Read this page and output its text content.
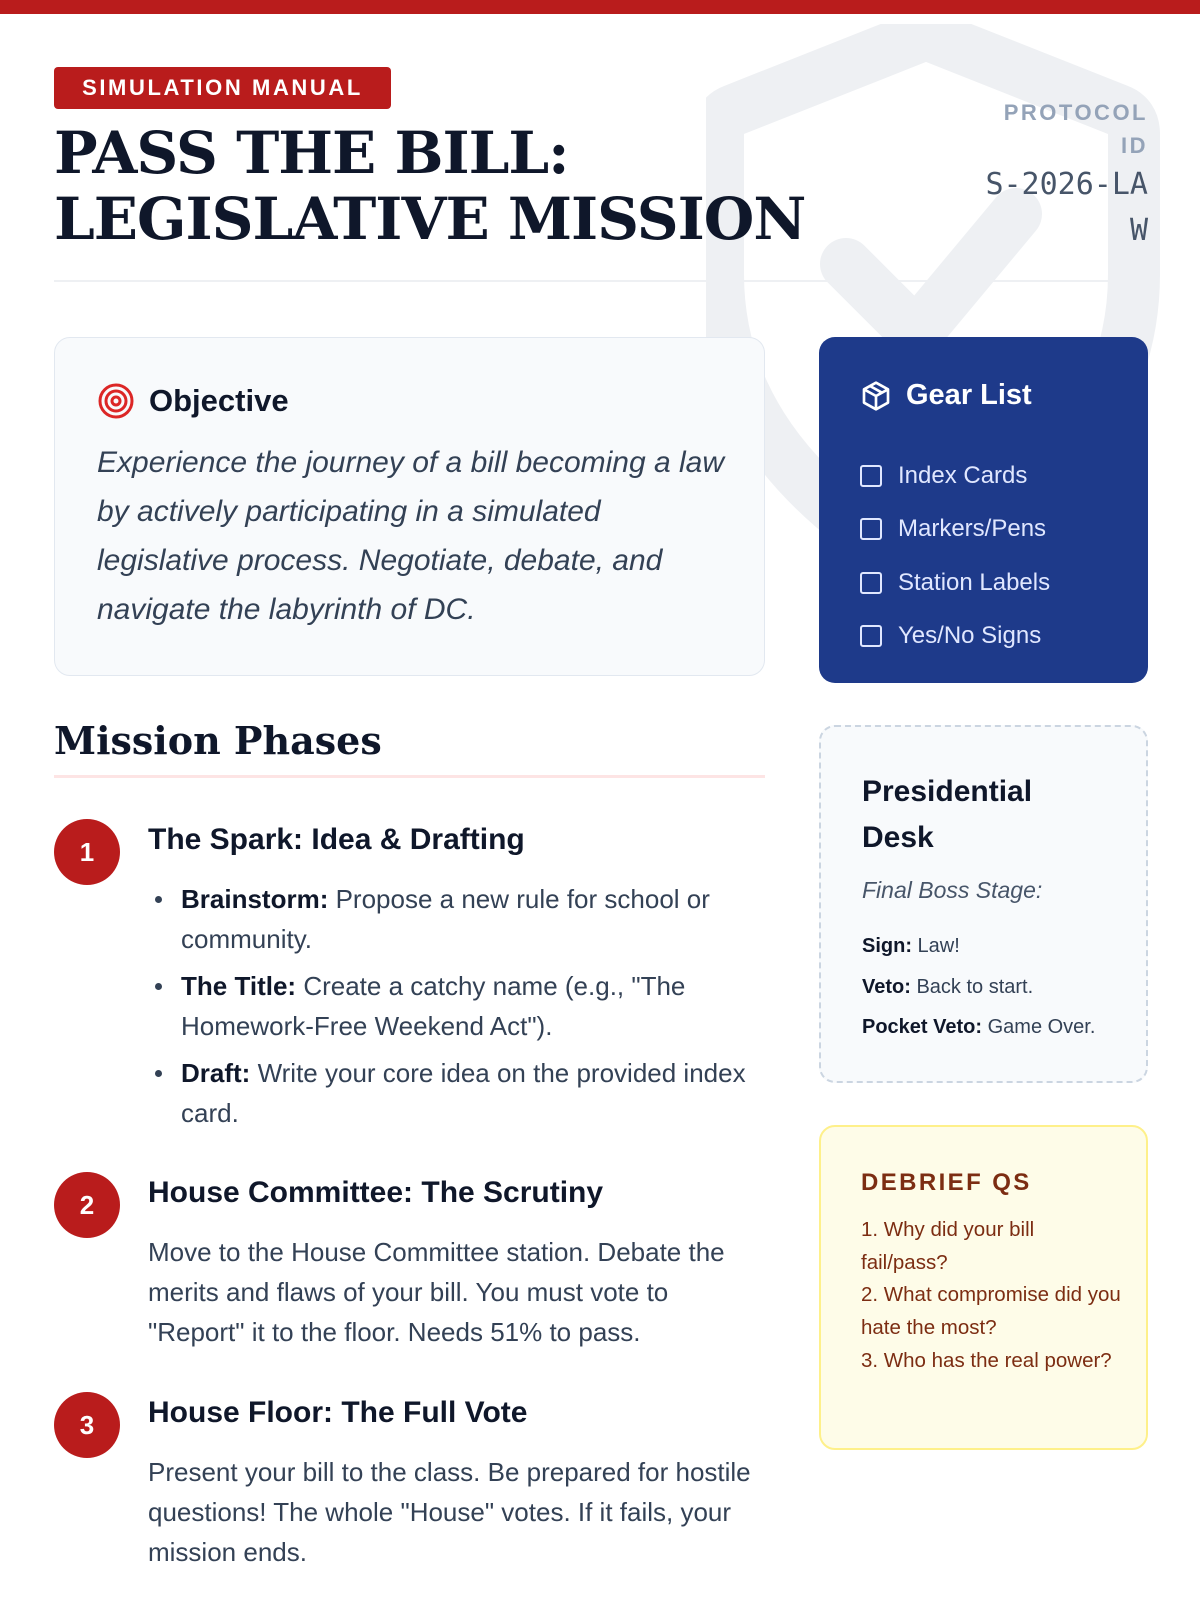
SIMULATION MANUAL
PASS THE BILL: LEGISLATIVE MISSION
PROTOCOL ID
S-2026-LAW
Objective

Experience the journey of a bill becoming a law by actively participating in a simulated legislative process. Negotiate, debate, and navigate the labyrinth of DC.

Gear List
Index Cards
Markers/Pens
Station Labels
Yes/No Signs
Mission Phases
1	The Spark: Idea & Drafting
Brainstorm: Propose a new rule for school or community.
The Title: Create a catchy name (e.g., "The Homework-Free Weekend Act").
Draft: Write your core idea on the provided index card.
2	House Committee: The Scrutiny

Move to the House Committee station. Debate the merits and flaws of your bill. You must vote to "Report" it to the floor. Needs 51% to pass.

3	House Floor: The Full Vote

Present your bill to the class. Be prepared for hostile questions! The whole "House" votes. If it fails, your mission ends.

Presidential Desk

Final Boss Stage:

Sign: Law!
Veto: Back to start.
Pocket Veto: Game Over.
DEBRIEF QS
1. Why did your bill fail/pass?
2. What compromise did you hate the most?
3. Who has the real power?
